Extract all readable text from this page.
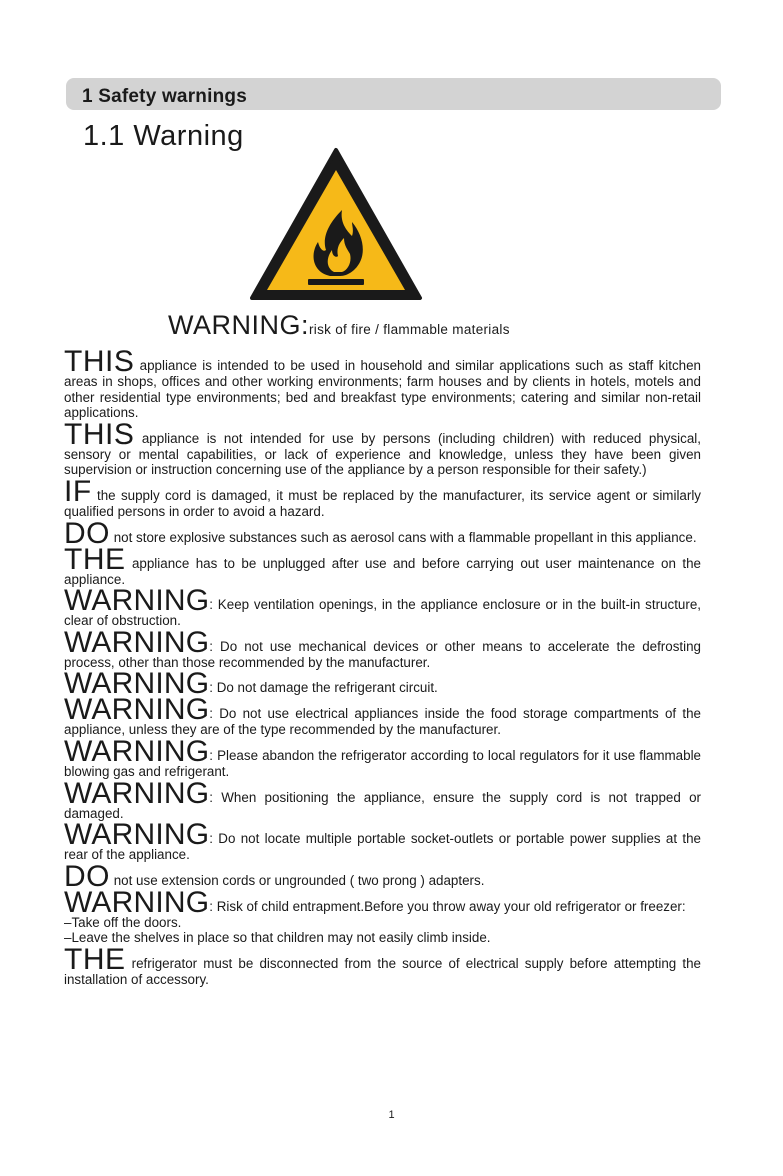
1 Safety warnings
1.1 Warning
WARNING:risk of fire / flammable materials

THIS appliance is intended to be used in household and similar applications such as staff kitchen areas in shops, offices and other working environments; farm houses and by clients in hotels, motels and other residential type environments; bed and breakfast type environments; catering and similar non-retail applications.

THIS appliance is not intended for use by persons (including children) with reduced physical, sensory or mental capabilities, or lack of experience and knowledge, unless they have been given supervision or instruction concerning use of the appliance by a person responsible for their safety.)

IF the supply cord is damaged, it must be replaced by the manufacturer, its service agent or similarly qualified persons in order to avoid a hazard.

DO not store explosive substances such as aerosol cans with a flammable propellant in this appliance.

THE appliance has to be unplugged after use and before carrying out user maintenance on the appliance.

WARNING: Keep ventilation openings, in the appliance enclosure or in the built-in structure, clear of obstruction.

WARNING: Do not use mechanical devices or other means to accelerate the defrosting process, other than those recommended by the manufacturer.

WARNING: Do not damage the refrigerant circuit.

WARNING: Do not use electrical appliances inside the food storage compartments of the appliance, unless they are of the type recommended by the manufacturer.

WARNING: Please abandon the refrigerator according to local regulators for it use flammable blowing gas and refrigerant.

WARNING: When positioning the appliance, ensure the supply cord is not trapped or damaged.

WARNING: Do not locate multiple portable socket-outlets or portable power supplies at the rear of the appliance.

DO not use extension cords or ungrounded ( two prong ) adapters.

WARNING: Risk of child entrapment.Before you throw away your old refrigerator or freezer:
–Take off the doors.
–Leave the shelves in place so that children may not easily climb inside.

THE refrigerator must be disconnected from the source of electrical supply before attempting the installation of accessory.

1
